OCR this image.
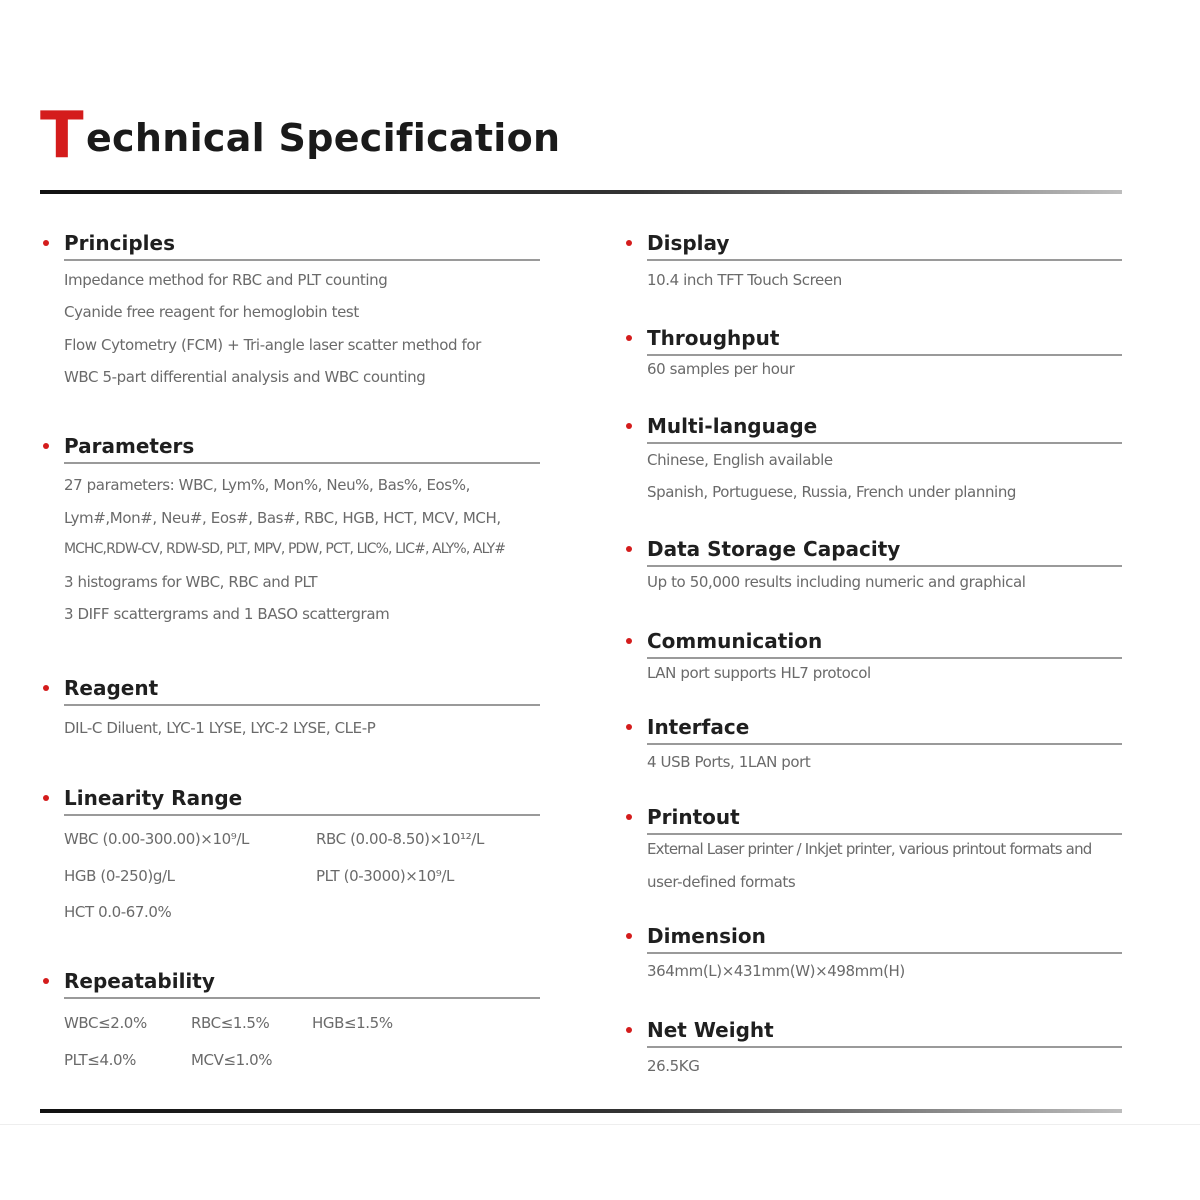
Technical Specification
Principles
Impedance method for RBC and PLT counting
Cyanide free reagent for hemoglobin test
Flow Cytometry (FCM) + Tri-angle laser scatter method for
WBC 5-part differential analysis and WBC counting
Parameters
27 parameters: WBC, Lym%, Mon%, Neu%, Bas%, Eos%,
Lym#,Mon#, Neu#, Eos#, Bas#, RBC, HGB, HCT, MCV, MCH,
MCHC,RDW-CV, RDW-SD, PLT, MPV, PDW, PCT, LIC%, LIC#, ALY%, ALY#
3 histograms for WBC, RBC and PLT
3 DIFF scattergrams and 1 BASO scattergram
Reagent
DIL-C Diluent, LYC-1 LYSE, LYC-2 LYSE, CLE-P
Linearity Range
WBC (0.00-300.00)×10⁹/L	RBC (0.00-8.50)×10¹²/L
HGB (0-250)g/L	PLT (0-3000)×10⁹/L
HCT 0.0-67.0%
Repeatability
WBC≤2.0%	RBC≤1.5%	HGB≤1.5%
PLT≤4.0%	MCV≤1.0%
Display
10.4 inch TFT Touch Screen
Throughput
60 samples per hour
Multi-language
Chinese, English available
Spanish, Portuguese, Russia, French under planning
Data Storage Capacity
Up to 50,000 results including numeric and graphical
Communication
LAN port supports HL7 protocol
Interface
4 USB Ports, 1LAN port
Printout
External Laser printer / Inkjet printer, various printout formats and
user-defined formats
Dimension
364mm(L)×431mm(W)×498mm(H)
Net Weight
26.5KG
